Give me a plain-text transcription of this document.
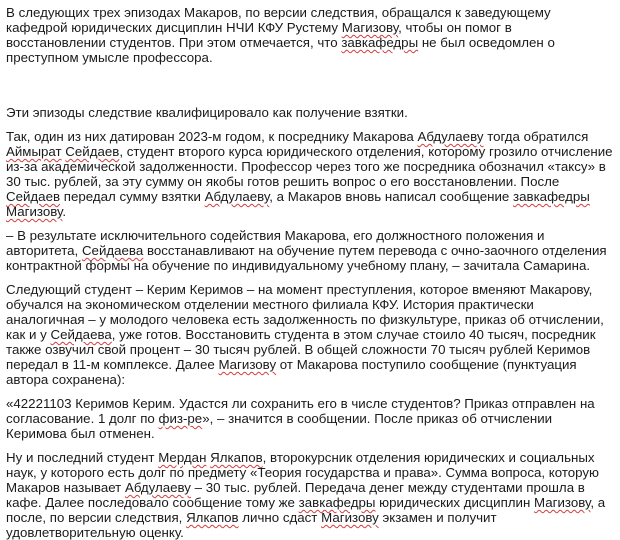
В следующих трех эпизодах Макаров, по версии следствия, обращался к заведующему кафедрой юридических дисциплин НЧИ КФУ Рустему Магизову, чтобы он помог в восстановлении студентов. При этом отмечается, что завкафедры не был осведомлен о преступном умысле профессора.

Эти эпизоды следствие квалифицировало как получение взятки.

Так, один из них датирован 2023-м годом, к посреднику Макарова Абдулаеву тогда обратился Аймырат Сейдаев, студент второго курса юридического отделения, которому грозило отчисление из-за академической задолженности. Профессор через того же посредника обозначил «таксу» в 30 тыс. рублей, за эту сумму он якобы готов решить вопрос о его восстановлении. После Сейдаев передал сумму взятки Абдулаеву, а Макаров вновь написал сообщение завкафедры Магизову.

– В результате исключительного содействия Макарова, его должностного положения и авторитета, Сейдаева восстанавливают на обучение путем перевода с очно-заочного отделения контрактной формы на обучение по индивидуальному учебному плану, – зачитала Самарина.

Следующий студент – Керим Керимов – на момент преступления, которое вменяют Макарову, обучался на экономическом отделении местного филиала КФУ. История практически аналогичная – у молодого человека есть задолженность по физкультуре, приказ об отчислении, как и у Сейдаева, уже готов. Восстановить студента в этом случае стоило 40 тысяч, посредник также озвучил свой процент – 30 тысяч рублей. В общей сложности 70 тысяч рублей Керимов передал в 11-м комплексе. Далее Магизову от Макарова поступило сообщение (пунктуация автора сохранена):

«42221103 Керимов Керим. Удастся ли сохранить его в числе студентов? Приказ отправлен на согласование. 1 долг по физ-ре», – значится в сообщении. После приказ об отчислении Керимова был отменен.

Ну и последний студент Мердан Ялкапов, второкурсник отделения юридических и социальных наук, у которого есть долг по предмету «Теория государства и права». Сумма вопроса, которую Макаров называет Абдулаеву – 30 тыс. рублей. Передача денег между студентами прошла в кафе. Далее последовало сообщение тому же завкафедры юридических дисциплин Магизову, а после, по версии следствия, Ялкапов лично сдаст Магизову экзамен и получит удовлетворительную оценку.
